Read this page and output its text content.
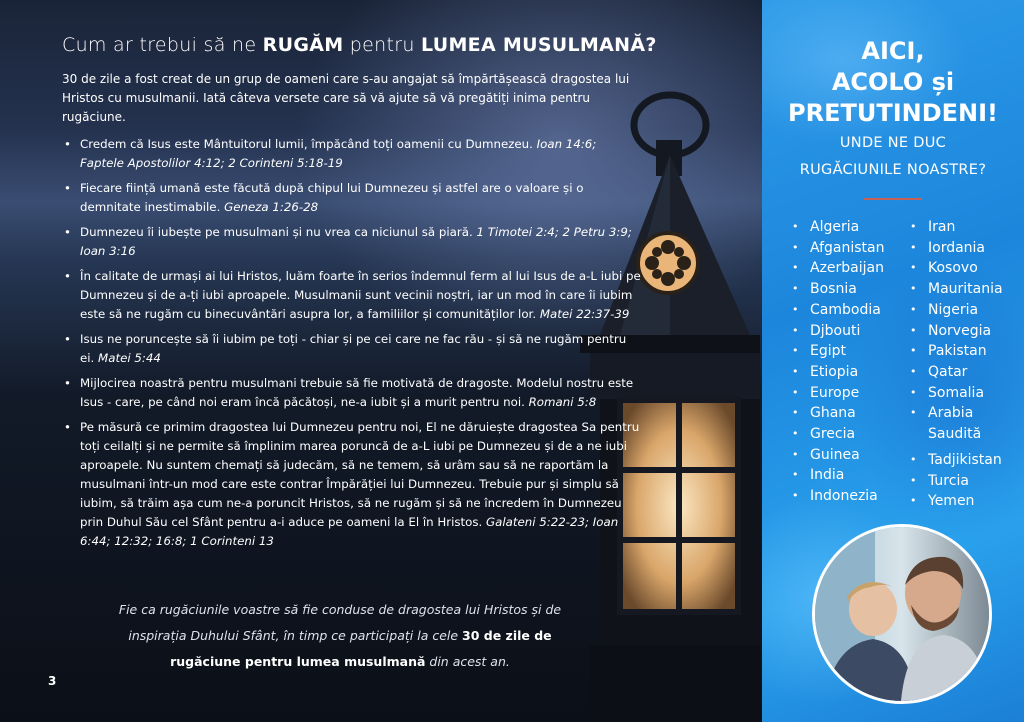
Cum ar trebui să ne RUGĂM pentru LUMEA MUSULMANĂ?

30 de zile a fost creat de un grup de oameni care s-au angajat să împărtășească dragostea lui Hristos cu musulmanii. Iată câteva versete care să vă ajute să vă pregătiți inima pentru rugăciune.

• Credem că Isus este Mântuitorul lumii, împăcând toți oamenii cu Dumnezeu. Ioan 14:6; Faptele Apostolilor 4:12; 2 Corinteni 5:18-19
• Fiecare ființă umană este făcută după chipul lui Dumnezeu și astfel are o valoare și o demnitate inestimabile. Geneza 1:26-28
• Dumnezeu îi iubește pe musulmani și nu vrea ca niciunul să piară. 1 Timotei 2:4; 2 Petru 3:9; Ioan 3:16
• În calitate de urmași ai lui Hristos, luăm foarte în serios îndemnul ferm al lui Isus de a-L iubi pe Dumnezeu și de a-ți iubi aproapele. Musulmanii sunt vecinii noștri, iar un mod în care îi iubim este să ne rugăm cu binecuvântări asupra lor, a familiilor și comunităților lor. Matei 22:37-39
• Isus ne poruncește să îi iubim pe toți - chiar și pe cei care ne fac rău - și să ne rugăm pentru ei. Matei 5:44
• Mijlocirea noastră pentru musulmani trebuie să fie motivată de dragoste. Modelul nostru este Isus - care, pe când noi eram încă păcătoși, ne-a iubit și a murit pentru noi. Romani 5:8
• Pe măsură ce primim dragostea lui Dumnezeu pentru noi, El ne dăruiește dragostea Sa pentru toți ceilalți și ne permite să împlinim marea poruncă de a-L iubi pe Dumnezeu și de a ne iubi aproapele. Nu suntem chemați să judecăm, să ne temem, să urâm sau să ne raportăm la musulmani într-un mod care este contrar Împărăției lui Dumnezeu. Trebuie pur și simplu să iubim, să trăim așa cum ne-a poruncit Hristos, să ne rugăm și să ne încredem în Dumnezeu prin Duhul Său cel Sfânt pentru a-i aduce pe oameni la El în Hristos. Galateni 5:22-23; Ioan 6:44; 12:32; 16:8; 1 Corinteni 13
Fie ca rugăciunile voastre să fie conduse de dragostea lui Hristos și de inspirația Duhului Sfânt, în timp ce participați la cele 30 de zile de rugăciune pentru lumea musulmană din acest an.
3
AICI,
ACOLO și
PRETUTINDENI!
UNDE NE DUC
RUGĂCIUNILE NOASTRE?
• Algeria
• Afganistan
• Azerbaijan
• Bosnia
• Cambodia
• Djbouti
• Egipt
• Etiopia
• Europe
• Ghana
• Grecia
• Guinea
• India
• Indonezia
• Iran
• Iordania
• Kosovo
• Mauritania
• Nigeria
• Norvegia
• Pakistan
• Qatar
• Somalia
• Arabia
Saudită
• Tadjikistan
• Turcia
• Yemen
